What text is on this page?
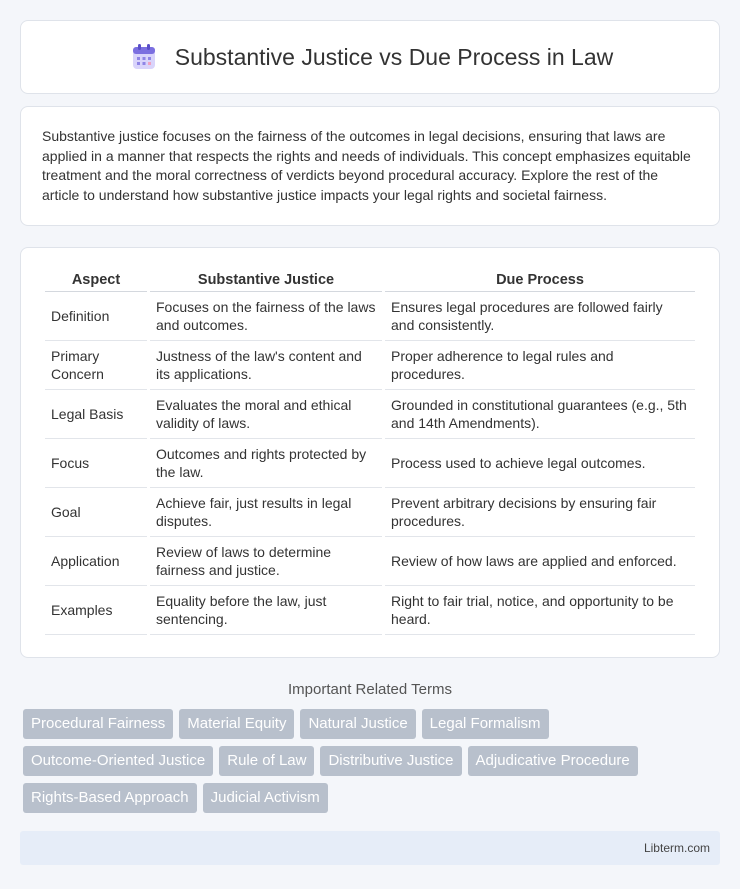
Substantive Justice vs Due Process in Law

Substantive justice focuses on the fairness of the outcomes in legal decisions, ensuring that laws are applied in a manner that respects the rights and needs of individuals. This concept emphasizes equitable treatment and the moral correctness of verdicts beyond procedural accuracy. Explore the rest of the article to understand how substantive justice impacts your legal rights and societal fairness.

Aspect	Substantive Justice	Due Process
Definition	Focuses on the fairness of the laws and outcomes.	Ensures legal procedures are followed fairly and consistently.
Primary Concern	Justness of the law's content and its applications.	Proper adherence to legal rules and procedures.
Legal Basis	Evaluates the moral and ethical validity of laws.	Grounded in constitutional guarantees (e.g., 5th and 14th Amendments).
Focus	Outcomes and rights protected by the law.	Process used to achieve legal outcomes.
Goal	Achieve fair, just results in legal disputes.	Prevent arbitrary decisions by ensuring fair procedures.
Application	Review of laws to determine fairness and justice.	Review of how laws are applied and enforced.
Examples	Equality before the law, just sentencing.	Right to fair trial, notice, and opportunity to be heard.
Important Related Terms
Procedural Fairness	Material Equity	Natural Justice	Legal Formalism
Outcome-Oriented Justice	Rule of Law	Distributive Justice	Adjudicative Procedure
Rights-Based Approach	Judicial Activism
Libterm.com
